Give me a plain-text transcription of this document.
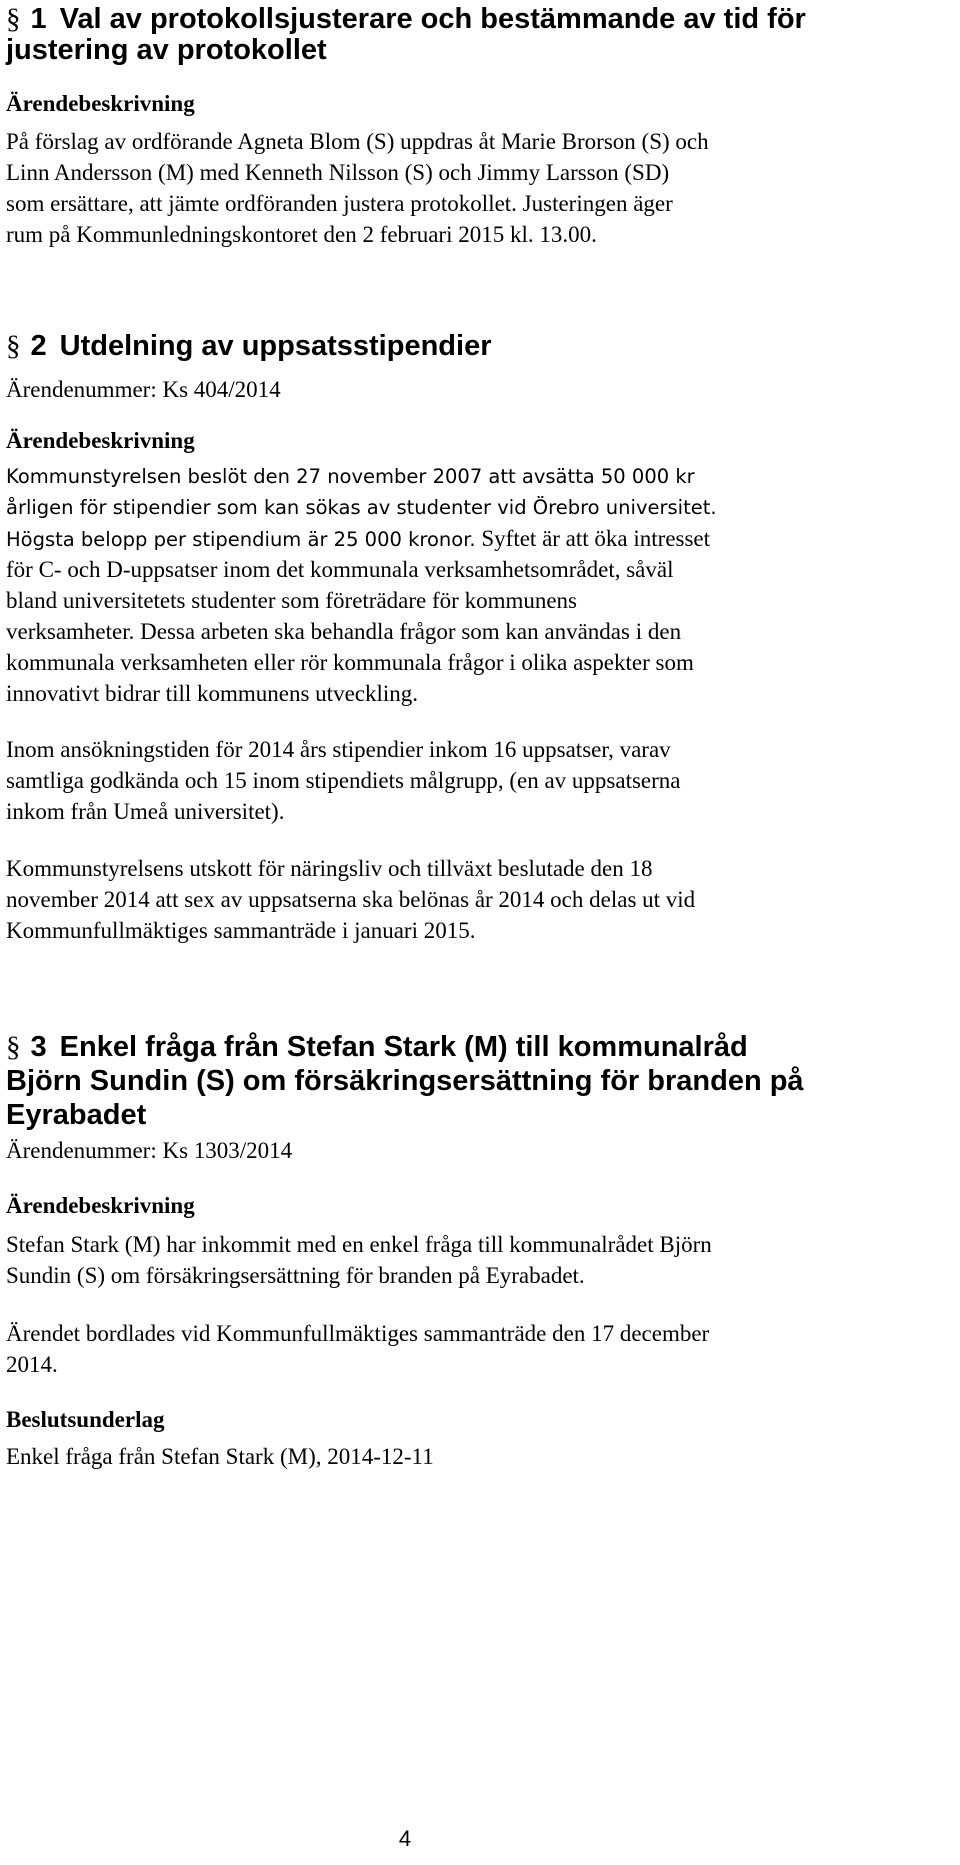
§ 1 Val av protokollsjusterare och bestämmande av tid för
justering av protokollet
Ärendebeskrivning
På förslag av ordförande Agneta Blom (S) uppdras åt Marie Brorson (S) och
Linn Andersson (M) med Kenneth Nilsson (S) och Jimmy Larsson (SD)
som ersättare, att jämte ordföranden justera protokollet. Justeringen äger
rum på Kommunledningskontoret den 2 februari 2015 kl. 13.00.
§ 2 Utdelning av uppsatsstipendier
Ärendenummer: Ks 404/2014
Ärendebeskrivning
Kommunstyrelsen beslöt den 27 november 2007 att avsätta 50 000 kr
årligen för stipendier som kan sökas av studenter vid Örebro universitet.
Högsta belopp per stipendium är 25 000 kronor. Syftet är att öka intresset
för C- och D-uppsatser inom det kommunala verksamhetsområdet, såväl
bland universitetets studenter som företrädare för kommunens
verksamheter. Dessa arbeten ska behandla frågor som kan användas i den
kommunala verksamheten eller rör kommunala frågor i olika aspekter som
innovativt bidrar till kommunens utveckling.
Inom ansökningstiden för 2014 års stipendier inkom 16 uppsatser, varav
samtliga godkända och 15 inom stipendiets målgrupp, (en av uppsatserna
inkom från Umeå universitet).
Kommunstyrelsens utskott för näringsliv och tillväxt beslutade den 18
november 2014 att sex av uppsatserna ska belönas år 2014 och delas ut vid
Kommunfullmäktiges sammanträde i januari 2015.
§ 3 Enkel fråga från Stefan Stark (M) till kommunalråd
Björn Sundin (S) om försäkringsersättning för branden på
Eyrabadet
Ärendenummer: Ks 1303/2014
Ärendebeskrivning
Stefan Stark (M) har inkommit med en enkel fråga till kommunalrådet Björn
Sundin (S) om försäkringsersättning för branden på Eyrabadet.
Ärendet bordlades vid Kommunfullmäktiges sammanträde den 17 december
2014.
Beslutsunderlag
Enkel fråga från Stefan Stark (M), 2014-12-11
4
